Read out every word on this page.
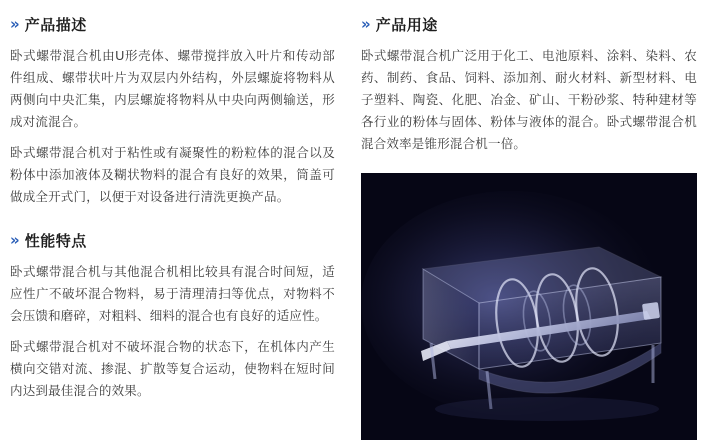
» 产品描述

卧式螺带混合机由U形壳体、螺带搅拌放入叶片和传动部件组成、螺带状叶片为双层内外结构，外层螺旋将物料从两侧向中央汇集，内层螺旋将物料从中央向两侧输送，形成对流混合。

卧式螺带混合机对于粘性或有凝聚性的粉粒体的混合以及粉体中添加液体及糊状物料的混合有良好的效果，筒盖可做成全开式门，以便于对设备进行清洗更换产品。

» 性能特点

卧式螺带混合机与其他混合机相比较具有混合时间短，适应性广不破坏混合物料，易于清理清扫等优点，对物料不会压馈和磨碎，对粗料、细料的混合也有良好的适应性。

卧式螺带混合机对不破坏混合物的状态下，在机体内产生横向交错对流、掺混、扩散等复合运动，使物料在短时间内达到最佳混合的效果。

» 产品用途

卧式螺带混合机广泛用于化工、电池原料、涂料、染料、农药、制药、食品、饲料、添加剂、耐火材料、新型材料、电子塑料、陶瓷、化肥、冶金、矿山、干粉砂浆、特种建材等各行业的粉体与固体、粉体与液体的混合。卧式螺带混合机混合效率是锥形混合机一倍。
